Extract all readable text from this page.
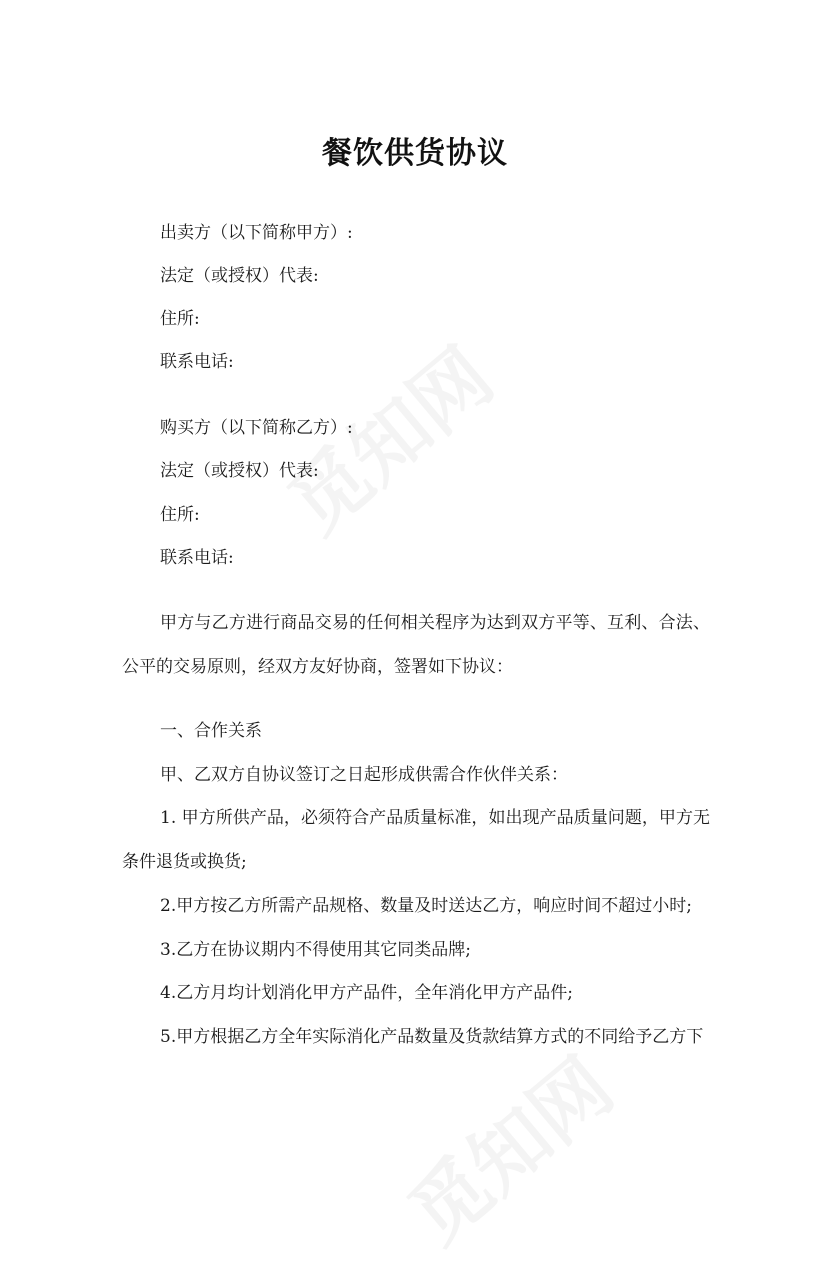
餐饮供货协议
出卖方（以下简称甲方）:
法定（或授权）代表:
住所:
联系电话:
购买方（以下简称乙方）:
法定（或授权）代表:
住所:
联系电话:
甲方与乙方进行商品交易的任何相关程序为达到双方平等、互利、合法、公平的交易原则，经双方友好协商，签署如下协议：
一、合作关系
甲、乙双方自协议签订之日起形成供需合作伙伴关系：
1. 甲方所供产品，必须符合产品质量标准，如出现产品质量问题，甲方无条件退货或换货;
2.甲方按乙方所需产品规格、数量及时送达乙方，响应时间不超过小时;
3.乙方在协议期内不得使用其它同类品牌;
4.乙方月均计划消化甲方产品件，全年消化甲方产品件;
5.甲方根据乙方全年实际消化产品数量及货款结算方式的不同给予乙方下
